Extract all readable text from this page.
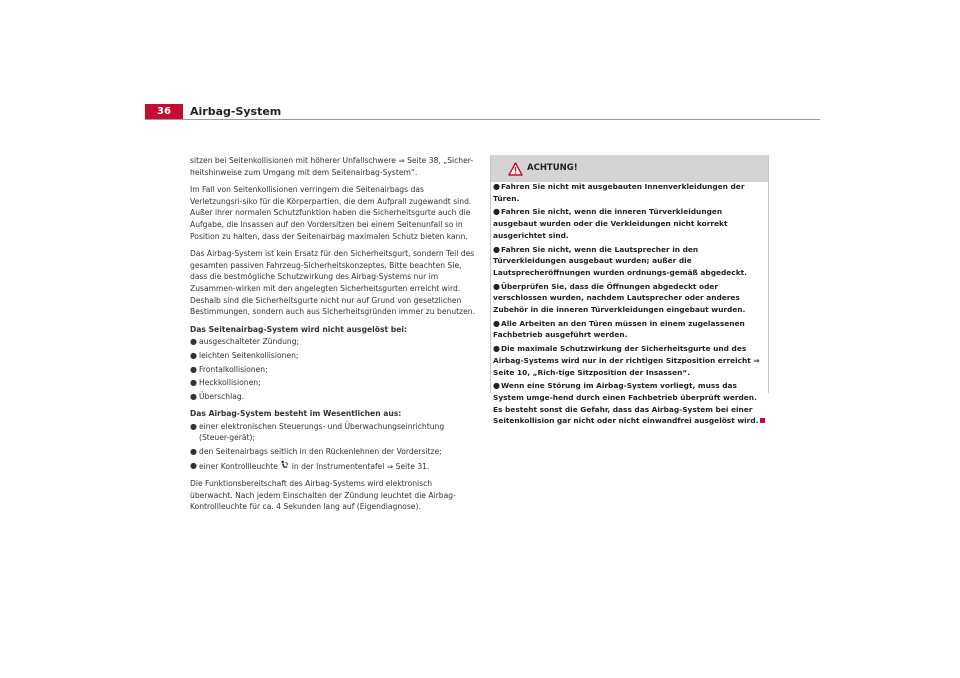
36	Airbag-System

sitzen bei Seitenkollisionen mit höherer Unfallschwere ⇒ Seite 38, „Sicher-heitshinweise zum Umgang mit dem Seitenairbag-System“.

Im Fall von Seitenkollisionen verringern die Seitenairbags das Verletzungsri-siko für die Körperpartien, die dem Aufprall zugewandt sind. Außer ihrer normalen Schutzfunktion haben die Sicherheitsgurte auch die Aufgabe, die Insassen auf den Vordersitzen bei einem Seitenunfall so in Position zu halten, dass der Seitenairbag maximalen Schutz bieten kann.

Das Airbag-System ist kein Ersatz für den Sicherheitsgurt, sondern Teil des gesamten passiven Fahrzeug-Sicherheitskonzeptes. Bitte beachten Sie, dass die bestmögliche Schutzwirkung des Airbag-Systems nur im Zusammen-wirken mit den angelegten Sicherheitsgurten erreicht wird. Deshalb sind die Sicherheitsgurte nicht nur auf Grund von gesetzlichen Bestimmungen, sondern auch aus Sicherheitsgründen immer zu benutzen.

Das Seitenairbag-System wird nicht ausgelöst bei:

● ausgeschalteter Zündung;
● leichten Seitenkollisionen;
● Frontalkollisionen;
● Heckkollisionen;
● Überschlag.

Das Airbag-System besteht im Wesentlichen aus:

● einer elektronischen Steuerungs- und Überwachungseinrichtung (Steuer-gerät);
● den Seitenairbags seitlich in den Rückenlehnen der Vordersitze;
● einer Kontrollleuchte in der Instrumententafel ⇒ Seite 31.

Die Funktionsbereitschaft des Airbag-Systems wird elektronisch überwacht. Nach jedem Einschalten der Zündung leuchtet die Airbag-Kontrollleuchte für ca. 4 Sekunden lang auf (Eigendiagnose).

ACHTUNG!
●Fahren Sie nicht mit ausgebauten Innenverkleidungen der Türen.
●Fahren Sie nicht, wenn die inneren Türverkleidungen ausgebaut wurden oder die Verkleidungen nicht korrekt ausgerichtet sind.
●Fahren Sie nicht, wenn die Lautsprecher in den Türverkleidungen ausgebaut wurden; außer die Lautsprecheröffnungen wurden ordnungs-gemäß abgedeckt.
●Überprüfen Sie, dass die Öffnungen abgedeckt oder verschlossen wurden, nachdem Lautsprecher oder anderes Zubehör in die inneren Türverkleidungen eingebaut wurden.
●Alle Arbeiten an den Türen müssen in einem zugelassenen Fachbetrieb ausgeführt werden.
●Die maximale Schutzwirkung der Sicherheitsgurte und des Airbag-Systems wird nur in der richtigen Sitzposition erreicht ⇒ Seite 10, „Rich-tige Sitzposition der Insassen“.
●Wenn eine Störung im Airbag-System vorliegt, muss das System umge-hend durch einen Fachbetrieb überprüft werden. Es besteht sonst die Gefahr, dass das Airbag-System bei einer Seitenkollision gar nicht oder nicht einwandfrei ausgelöst wird.
